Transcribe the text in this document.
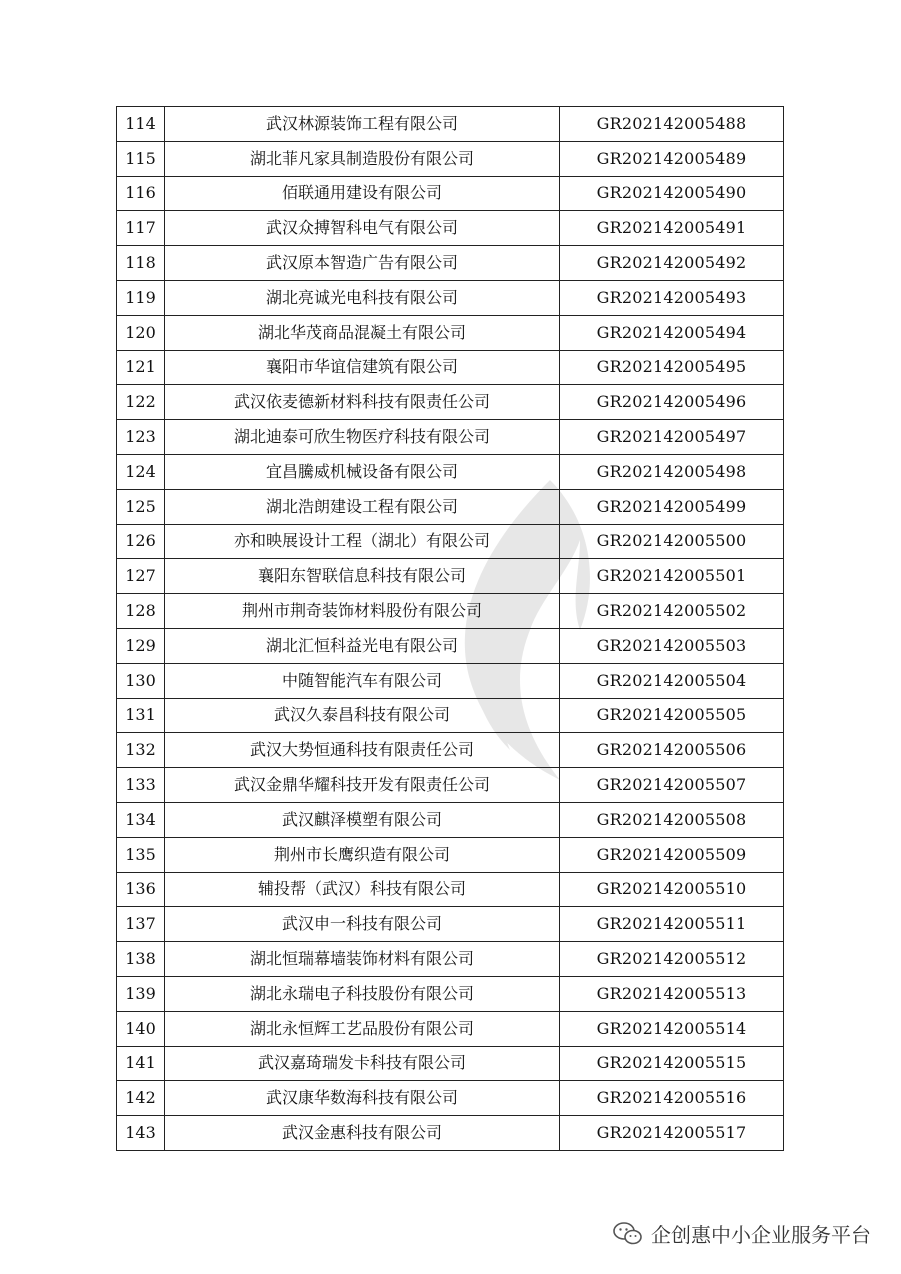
114	武汉林源装饰工程有限公司	GR202142005488
115	湖北菲凡家具制造股份有限公司	GR202142005489
116	佰联通用建设有限公司	GR202142005490
117	武汉众搏智科电气有限公司	GR202142005491
118	武汉原本智造广告有限公司	GR202142005492
119	湖北亮诚光电科技有限公司	GR202142005493
120	湖北华茂商品混凝土有限公司	GR202142005494
121	襄阳市华谊信建筑有限公司	GR202142005495
122	武汉依麦德新材料科技有限责任公司	GR202142005496
123	湖北迪泰可欣生物医疗科技有限公司	GR202142005497
124	宜昌騰威机械设备有限公司	GR202142005498
125	湖北浩朗建设工程有限公司	GR202142005499
126	亦和映展设计工程（湖北）有限公司	GR202142005500
127	襄阳东智联信息科技有限公司	GR202142005501
128	荆州市荆奇装饰材料股份有限公司	GR202142005502
129	湖北汇恒科益光电有限公司	GR202142005503
130	中随智能汽车有限公司	GR202142005504
131	武汉久泰昌科技有限公司	GR202142005505
132	武汉大势恒通科技有限责任公司	GR202142005506
133	武汉金鼎华耀科技开发有限责任公司	GR202142005507
134	武汉麒泽模塑有限公司	GR202142005508
135	荆州市长鹰织造有限公司	GR202142005509
136	辅投帮（武汉）科技有限公司	GR202142005510
137	武汉申一科技有限公司	GR202142005511
138	湖北恒瑞幕墙装饰材料有限公司	GR202142005512
139	湖北永瑞电子科技股份有限公司	GR202142005513
140	湖北永恒辉工艺品股份有限公司	GR202142005514
141	武汉嘉琦瑞发卡科技有限公司	GR202142005515
142	武汉康华数海科技有限公司	GR202142005516
143	武汉金惠科技有限公司	GR202142005517
企创惠中小企业服务平台
